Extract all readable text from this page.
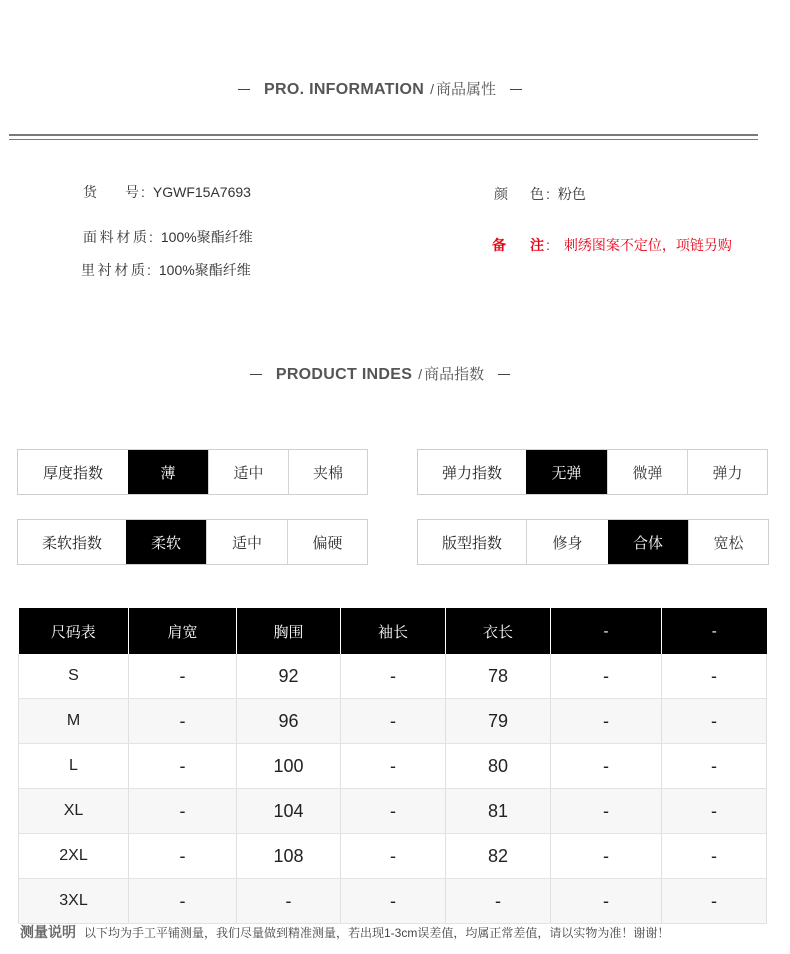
PRO. INFORMATION / 商品属性
货 号 : YGWF15A7693
面料材质 : 100%聚酯纤维
里衬材质 : 100%聚酯纤维
颜 色 : 粉色
备 注 : 刺绣图案不定位，项链另购
PRODUCT INDES / 商品指数
厚度指数	薄	适中	夹棉	弹力指数	无弹	微弹	弹力
柔软指数	柔软	适中	偏硬	版型指数	修身	合体	宽松
尺码表	肩宽	胸围	袖长	衣长	-	-
S	-	92	-	78	-	-
M	-	96	-	79	-	-
L	-	100	-	80	-	-
XL	-	104	-	81	-	-
2XL	-	108	-	82	-	-
3XL	-	-	-	-	-	-
测量说明 以下均为手工平铺测量，我们尽量做到精准测量，若出现1-3cm误差值，均属正常差值，请以实物为准！谢谢！
